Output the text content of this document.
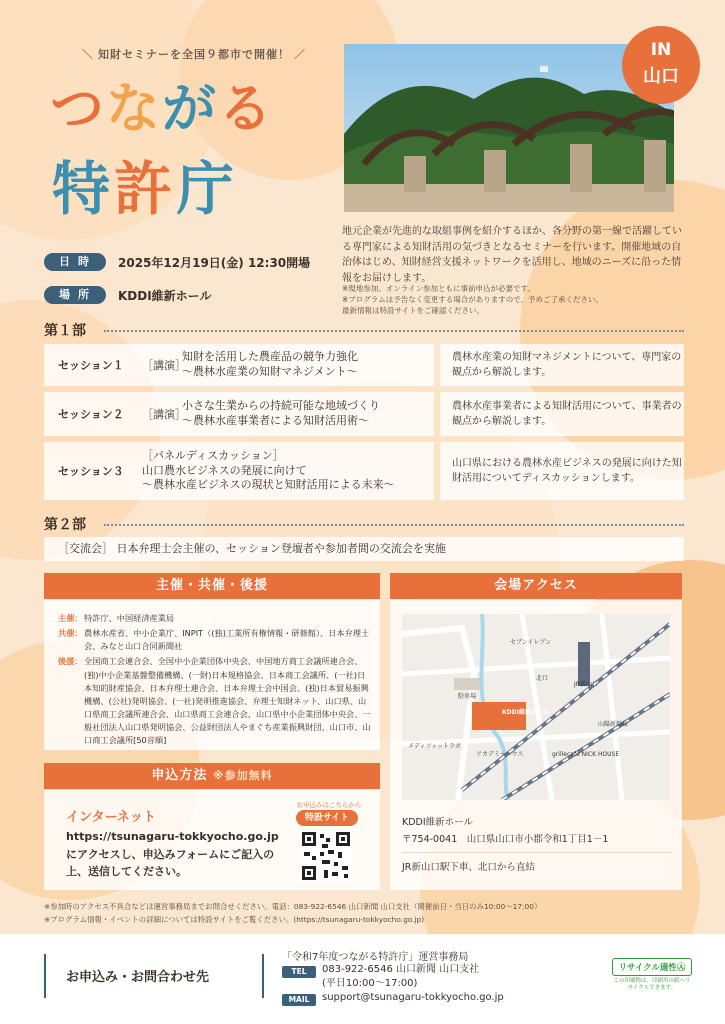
＼ 知財セミナーを全国９都市で開催！ ／
つながる
特許庁
IN
山口
地元企業が先進的な取組事例を紹介するほか、各分野の第一線で活躍している専門家による知財活用の気づきとなるセミナーを行います。開催地域の自治体はじめ、知財経営支援ネットワークを活用し、地域のニーズに沿った情報をお届けします。
※現地参加、オンライン参加ともに事前申込が必要です。
※プログラムは予告なく変更する場合がありますので、予めご了承ください。
最新情報は特設サイトをご確認ください。
日時	2025年12月19日(金) 12:30開場
場所	KDDI維新ホール
第１部
セッション１	［講演］
知財を活用した農産品の競争力強化
～農林水産業の知財マネジメント～
農林水産業の知財マネジメントについて、専門家の観点から解説します。
セッション２	［講演］
小さな生業からの持続可能な地域づくり
～農林水産事業者による知財活用術～
農林水産事業者による知財活用について、事業者の観点から解説します。
セッション３
［パネルディスカッション］
山口農水ビジネスの発展に向けて
～農林水産ビジネスの現状と知財活用による未来～
山口県における農林水産ビジネスの発展に向けた知財活用についてディスカッションします。
第２部
［交流会］ 日本弁理士会主催の、セッション登壇者や参加者間の交流会を実施
主催・共催・後援
主催： 特許庁、中国経済産業局
共催： 農林水産省、中小企業庁、INPIT（(独)工業所有権情報・研修館）、日本弁理士会、みなと山口合同新聞社
後援： 全国商工会連合会、全国中小企業団体中央会、中国地方商工会議所連合会、(独)中小企業基盤整備機構、(一財)日本規格協会、日本商工会議所、(一社)日本知的財産協会、日本弁理士連合会、日本弁理士会中国会、(独)日本貿易振興機構、(公社)発明協会、(一社)発明推進協会、弁理士知財ネット、山口県、山口県商工会議所連合会、山口県商工会連合会、山口県中小企業団体中央会、一般社団法人山口県発明協会、公益財団法人やまぐち産業振興財団、山口市、山口商工会議所[50音順]
申込方法 ※参加無料
インターネット
https://tsunagaru-tokkyocho.go.jp
にアクセスし、申込みフォームにご記入の上、送信してください。
お申込みはこちらから
特設サイト
会場アクセス
セブンイレブン
北口
JR新山口
山陽新幹線
KDDI維新ホール
駐車場
メディフィットラボ
アカデミーハウス	grillecafe NICK HOUSE
KDDI維新ホール
〒754-0041　山口県山口市小郡令和1丁目1－1
JR新山口駅下車、北口から直結
※参加時のアクセス不具合などは運営事務局までお問合せください。電話：083-922-6546 山口新聞 山口支社（開催前日・当日のみ10:00～17:00）
※プログラム情報・イベントの詳細については特設サイトをご覧ください。(https://tsunagaru-tokkyocho.go.jp)
お申込み・お問合わせ先
「令和7年度つながる特許庁」運営事務局
TEL	083-922-6546 山口新聞 山口支社
(平日10:00～17:00)
MAIL	support@tsunagaru-tokkyocho.go.jp
リサイクル適性Ⓐ
この印刷物は、印刷用の紙へリサイクルできます。
